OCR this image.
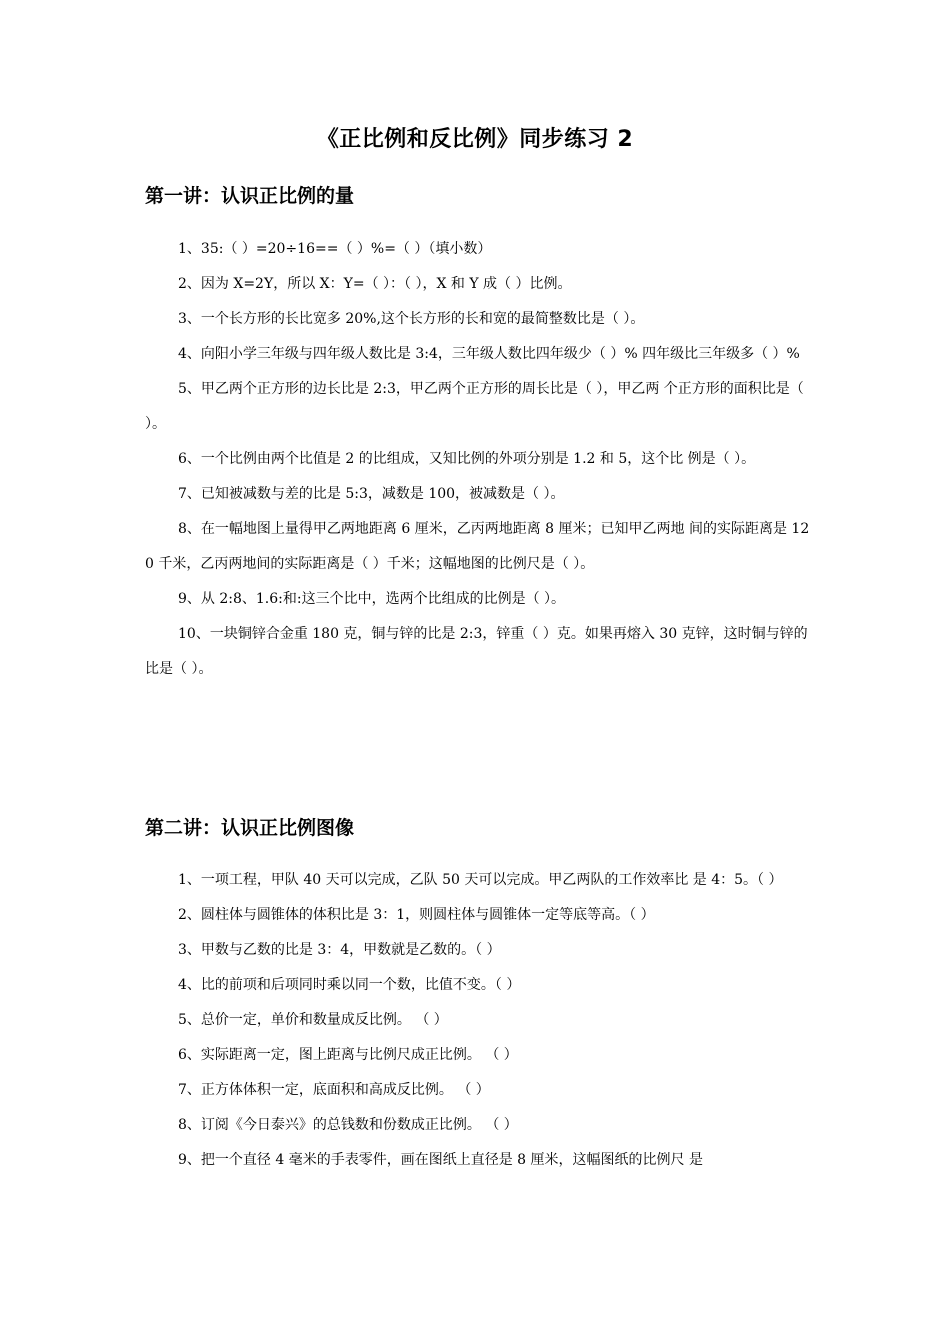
《正比例和反比例》同步练习 2
第一讲：认识正比例的量

1、35:（ ）=20÷16==（ ）%=（ ）（填小数）

2、因为 X=2Y，所以 X：Y=（ ）：（ ），X 和 Y 成（ ）比例。

3、一个长方形的长比宽多 20%,这个长方形的长和宽的最简整数比是（ ）。

4、向阳小学三年级与四年级人数比是 3:4，三年级人数比四年级少（ ）% 四年级比三年级多（ ）%

5、甲乙两个正方形的边长比是 2:3，甲乙两个正方形的周长比是（ ），甲乙两 个正方形的面积比是（ ）。

6、一个比例由两个比值是 2 的比组成，又知比例的外项分别是 1.2 和 5，这个比 例是（ ）。

7、已知被减数与差的比是 5:3，减数是 100，被减数是（ ）。

8、在一幅地图上量得甲乙两地距离 6 厘米，乙丙两地距离 8 厘米；已知甲乙两地 间的实际距离是 120 千米，乙丙两地间的实际距离是（ ）千米；这幅地图的比例尺是（ ）。

9、从 2:8、1.6:和:这三个比中，选两个比组成的比例是（ ）。

10、一块铜锌合金重 180 克，铜与锌的比是 2:3，锌重（ ）克。如果再熔入 30 克锌，这时铜与锌的比是（ ）。

第二讲：认识正比例图像

1、一项工程，甲队 40 天可以完成，乙队 50 天可以完成。甲乙两队的工作效率比 是 4：5。（ ）

2、圆柱体与圆锥体的体积比是 3：1，则圆柱体与圆锥体一定等底等高。（ ）

3、甲数与乙数的比是 3：4，甲数就是乙数的。（ ）

4、比的前项和后项同时乘以同一个数，比值不变。（ ）

5、总价一定，单价和数量成反比例。 （ ）

6、实际距离一定，图上距离与比例尺成正比例。 （ ）

7、正方体体积一定，底面积和高成反比例。 （ ）

8、订阅《今日泰兴》的总钱数和份数成正比例。 （ ）

9、把一个直径 4 毫米的手表零件，画在图纸上直径是 8 厘米，这幅图纸的比例尺 是
